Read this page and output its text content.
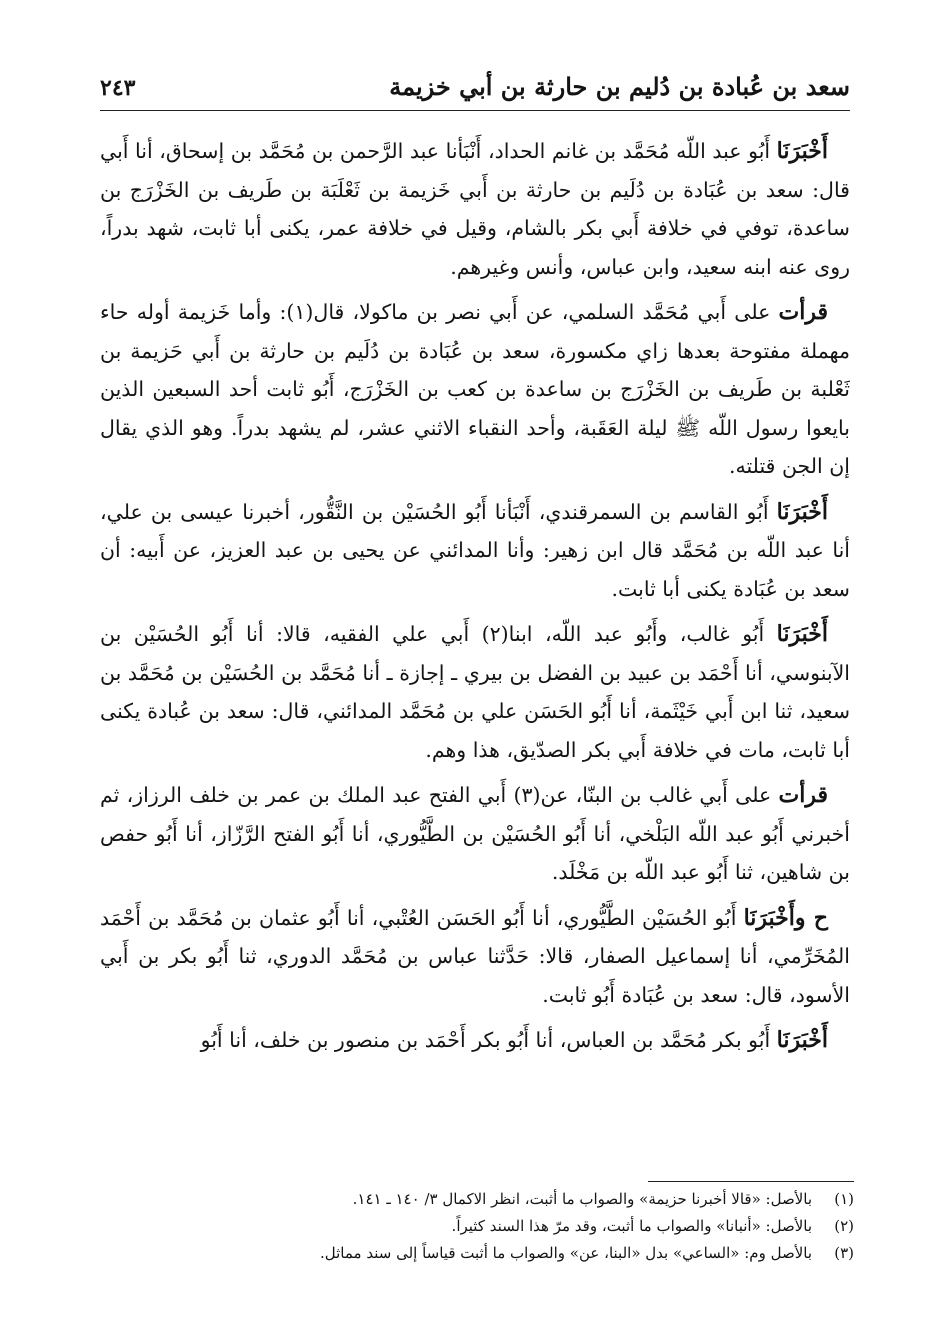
سعد بن عُبادة بن دُليم بن حارثة بن أبي خزيمة
٢٤٣

أَخْبَرَنَا أَبُو عبد اللّه مُحَمَّد بن غانم الحداد، أَنْبَأنا عبد الرَّحمن بن مُحَمَّد بن إسحاق، أنا أَبي قال: سعد بن عُبَادة بن دُلَيم بن حارثة بن أَبي خَزيمة بن ثَعْلَبَة بن طَريف بن الخَزْرَج بن ساعدة، توفي في خلافة أَبي بكر بالشام، وقيل في خلافة عمر، يكنى أبا ثابت، شهد بدراً، روى عنه ابنه سعيد، وابن عباس، وأنس وغيرهم.

قرأت على أَبي مُحَمَّد السلمي، عن أَبي نصر بن ماكولا، قال(١): وأما خَزيمة أوله حاء مهملة مفتوحة بعدها زاي مكسورة، سعد بن عُبَادة بن دُلَيم بن حارثة بن أَبي حَزيمة بن ثَعْلبة بن طَريف بن الخَزْرَج بن ساعدة بن كعب بن الخَزْرَج، أَبُو ثابت أحد السبعين الذين بايعوا رسول اللّه ﷺ ليلة العَقَبة، وأحد النقباء الاثني عشر، لم يشهد بدراً. وهو الذي يقال إن الجن قتلته.

أَخْبَرَنَا أَبُو القاسم بن السمرقندي، أَنْبَأنا أَبُو الحُسَيْن بن النَّقُّور، أخبرنا عيسى بن علي، أنا عبد اللّه بن مُحَمَّد قال ابن زهير: وأنا المدائني عن يحيى بن عبد العزيز، عن أَبيه: أن سعد بن عُبَادة يكنى أبا ثابت.

أَخْبَرَنَا أَبُو غالب، وأَبُو عبد اللّه، ابنا(٢) أَبي علي الفقيه، قالا: أنا أَبُو الحُسَيْن بن الآبنوسي، أنا أَحْمَد بن عبيد بن الفضل بن بيري ـ إجازة ـ أنا مُحَمَّد بن الحُسَيْن بن مُحَمَّد بن سعيد، ثنا ابن أَبي خَيْثَمة، أنا أَبُو الحَسَن علي بن مُحَمَّد المدائني، قال: سعد بن عُبادة يكنى أبا ثابت، مات في خلافة أَبي بكر الصدّيق، هذا وهم.

قرأت على أَبي غالب بن البنّا، عن(٣) أَبي الفتح عبد الملك بن عمر بن خلف الرزاز، ثم أخبرني أَبُو عبد اللّه البَلْخي، أنا أَبُو الحُسَيْن بن الطَّيُّوري، أنا أَبُو الفتح الرَّزّاز، أنا أَبُو حفص بن شاهين، ثنا أَبُو عبد اللّه بن مَخْلَد.

ح وأَخْبَرَنَا أَبُو الحُسَيْن الطَّيُّوري، أنا أَبُو الحَسَن العُتْبي، أنا أَبُو عثمان بن مُحَمَّد بن أَحْمَد المُخَرِّمي، أنا إسماعيل الصفار، قالا: حَدَّثنا عباس بن مُحَمَّد الدوري، ثنا أَبُو بكر بن أَبي الأسود، قال: سعد بن عُبَادة أَبُو ثابت.

أَخْبَرَنَا أَبُو بكر مُحَمَّد بن العباس، أنا أَبُو بكر أَحْمَد بن منصور بن خلف، أنا أَبُو

(١)
بالأصل: «قالا أخبرنا حزيمة» والصواب ما أثبت، انظر الاكمال ٣/ ١٤٠ ـ ١٤١.
(٢)
بالأصل: «أنبانا» والصواب ما أثبت، وقد مرّ هذا السند كثيراً.
(٣)
بالأصل وم: «الساعي» بدل «البنا، عن» والصواب ما أثبت قياساً إلى سند مماثل.
